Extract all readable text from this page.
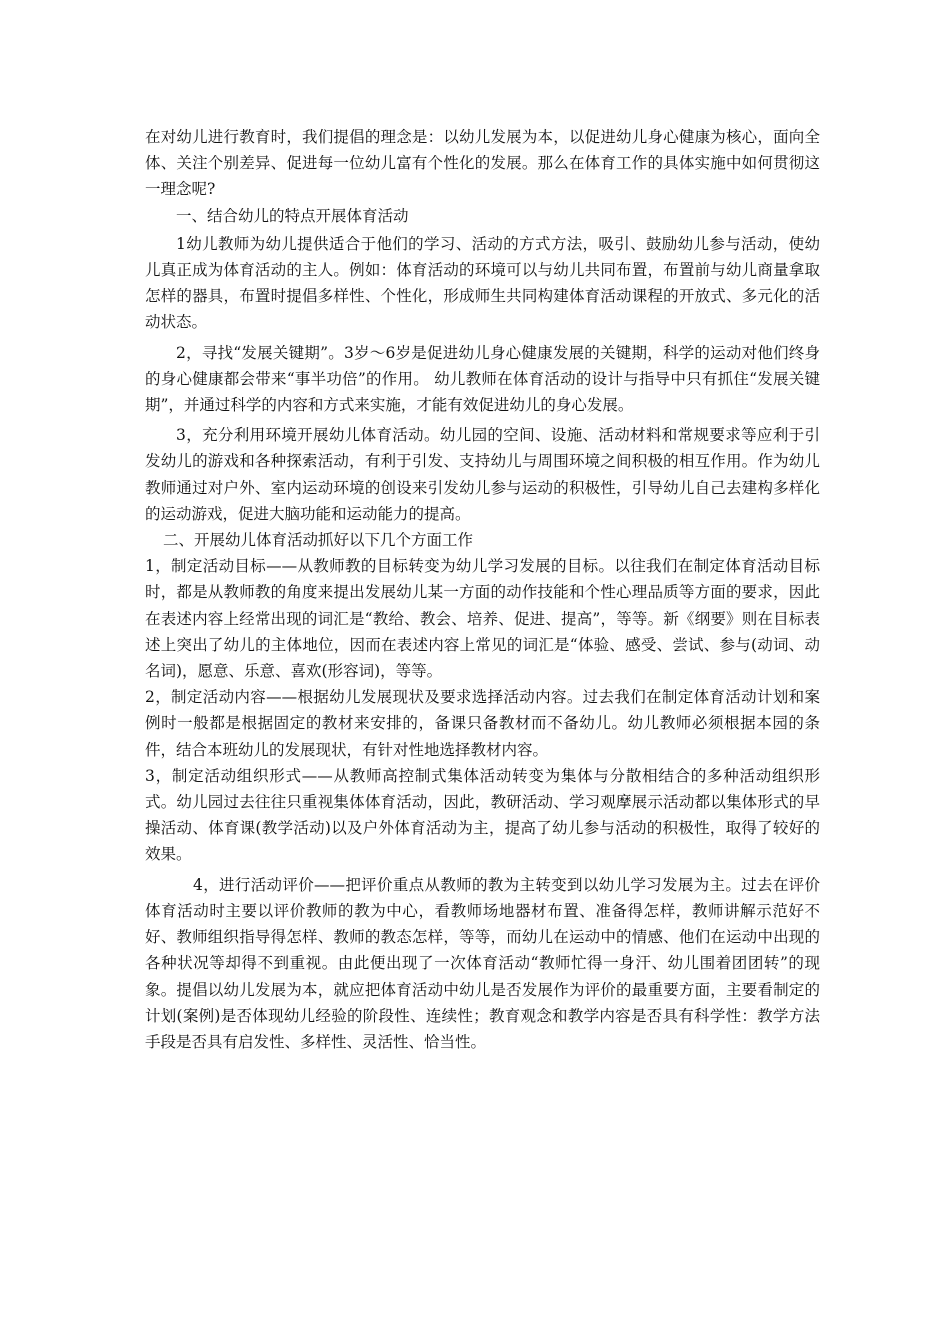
在对幼儿进行教育时，我们提倡的理念是：以幼儿发展为本，以促进幼儿身心健康为核心，面向全体、关注个别差异、促进每一位幼儿富有个性化的发展。那么在体育工作的具体实施中如何贯彻这一理念呢?

一、结合幼儿的特点开展体育活动

1幼儿教师为幼儿提供适合于他们的学习、活动的方式方法，吸引、鼓励幼儿参与活动，使幼儿真正成为体育活动的主人。例如：体育活动的环境可以与幼儿共同布置，布置前与幼儿商量拿取怎样的器具，布置时提倡多样性、个性化，形成师生共同构建体育活动课程的开放式、多元化的活动状态。

2，寻找“发展关键期”。3岁～6岁是促进幼儿身心健康发展的关键期，科学的运动对他们终身的身心健康都会带来“事半功倍”的作用。 幼儿教师在体育活动的设计与指导中只有抓住“发展关键期”，并通过科学的内容和方式来实施，才能有效促进幼儿的身心发展。

3，充分利用环境开展幼儿体育活动。幼儿园的空间、设施、活动材料和常规要求等应利于引发幼儿的游戏和各种探索活动，有利于引发、支持幼儿与周围环境之间积极的相互作用。作为幼儿教师通过对户外、室内运动环境的创设来引发幼儿参与运动的积极性，引导幼儿自己去建构多样化的运动游戏，促进大脑功能和运动能力的提高。

二、开展幼儿体育活动抓好以下几个方面工作

1，制定活动目标——从教师教的目标转变为幼儿学习发展的目标。以往我们在制定体育活动目标时，都是从教师教的角度来提出发展幼儿某一方面的动作技能和个性心理品质等方面的要求，因此在表述内容上经常出现的词汇是“教给、教会、培养、促进、提高”，等等。新《纲要》则在目标表述上突出了幼儿的主体地位，因而在表述内容上常见的词汇是“体验、感受、尝试、参与(动词、动名词)，愿意、乐意、喜欢(形容词)，等等。

2，制定活动内容——根据幼儿发展现状及要求选择活动内容。过去我们在制定体育活动计划和案例时一般都是根据固定的教材来安排的，备课只备教材而不备幼儿。幼儿教师必须根据本园的条件，结合本班幼儿的发展现状，有针对性地选择教材内容。

3，制定活动组织形式——从教师高控制式集体活动转变为集体与分散相结合的多种活动组织形式。幼儿园过去往往只重视集体体育活动，因此，教研活动、学习观摩展示活动都以集体形式的早操活动、体育课(教学活动)以及户外体育活动为主，提高了幼儿参与活动的积极性，取得了较好的效果。

4，进行活动评价——把评价重点从教师的教为主转变到以幼儿学习发展为主。过去在评价体育活动时主要以评价教师的教为中心，看教师场地器材布置、准备得怎样，教师讲解示范好不好、教师组织指导得怎样、教师的教态怎样，等等，而幼儿在运动中的情感、他们在运动中出现的各种状况等却得不到重视。由此便出现了一次体育活动“教师忙得一身汗、幼儿围着团团转”的现象。提倡以幼儿发展为本，就应把体育活动中幼儿是否发展作为评价的最重要方面，主要看制定的计划(案例)是否体现幼儿经验的阶段性、连续性；教育观念和教学内容是否具有科学性：教学方法手段是否具有启发性、多样性、灵活性、恰当性。
